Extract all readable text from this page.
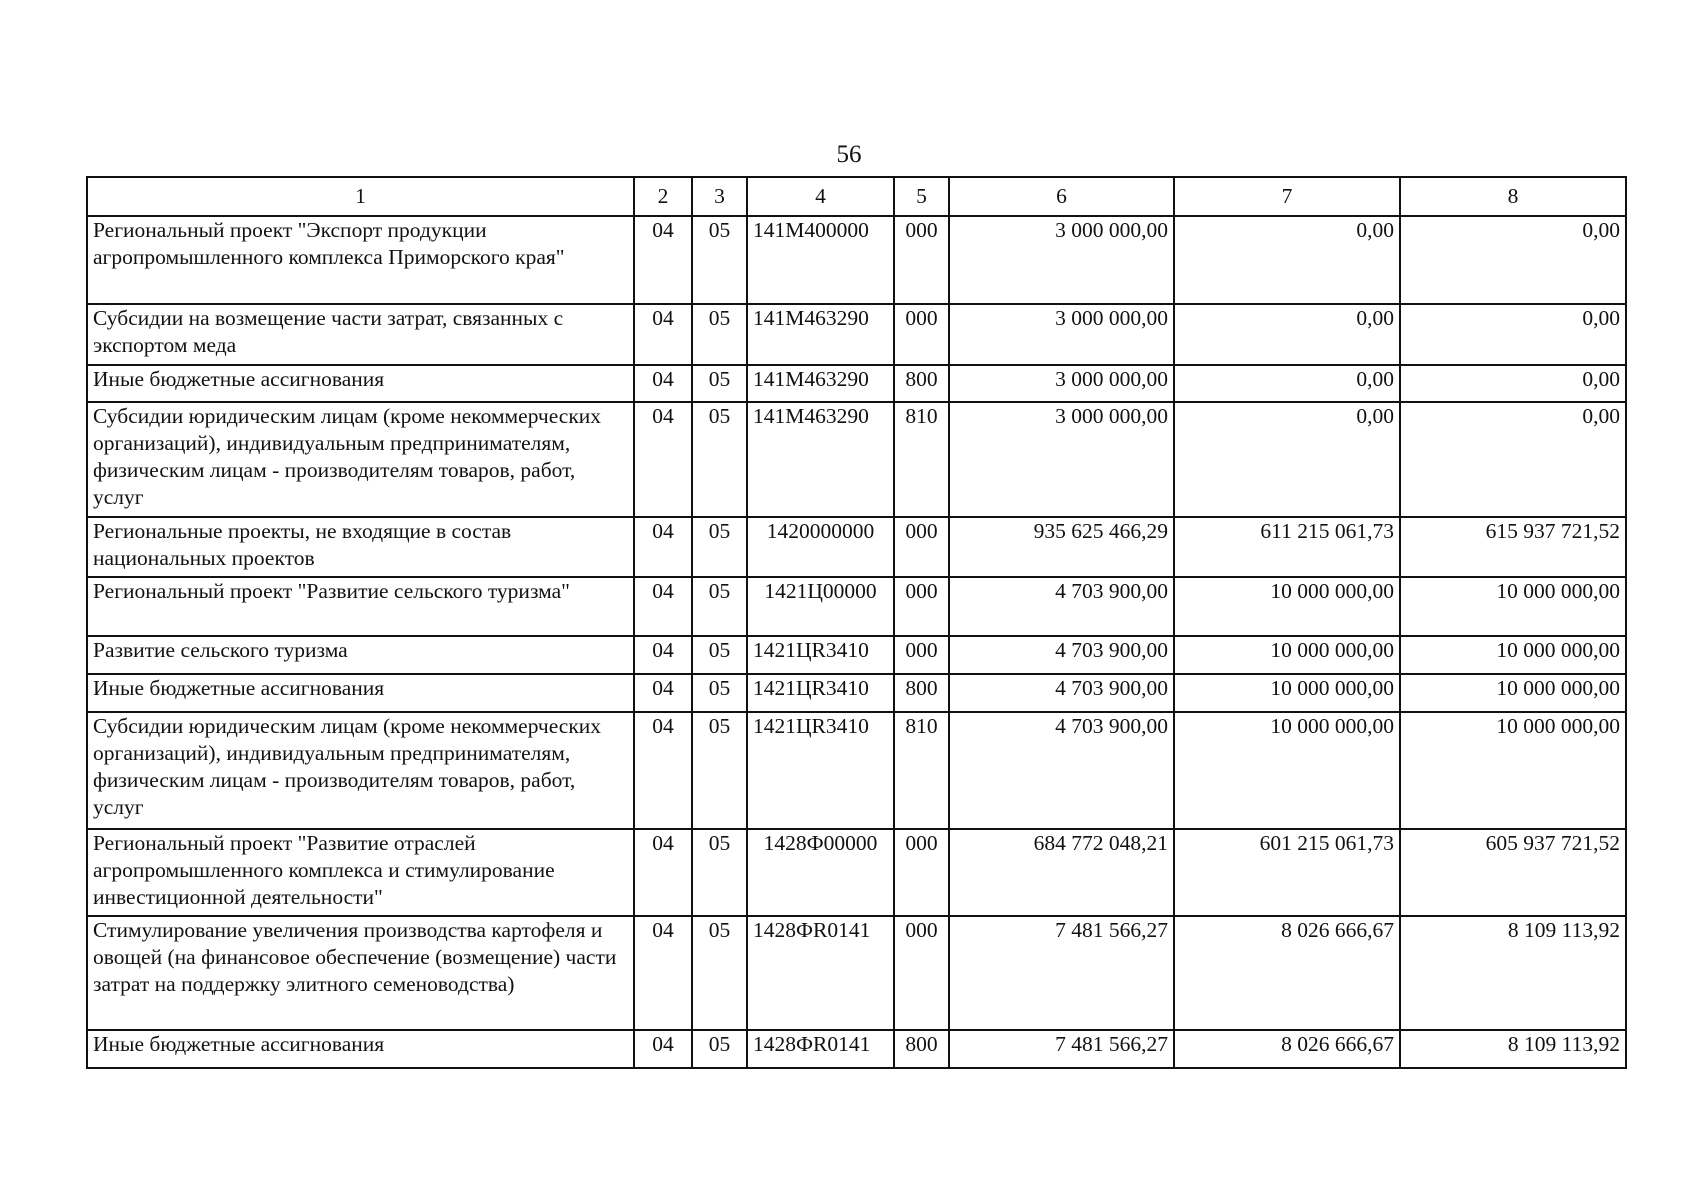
56
1	2	3	4	5	6	7	8
Региональный проект "Экспорт продукции агропромышленного комплекса Приморского края"	04	05	141M400000	000	3 000 000,00	0,00	0,00
Субсидии на возмещение части затрат, связанных с экспортом меда	04	05	141M463290	000	3 000 000,00	0,00	0,00
Иные бюджетные ассигнования	04	05	141M463290	800	3 000 000,00	0,00	0,00
Субсидии юридическим лицам (кроме некоммерческих организаций), индивидуальным предпринимателям, физическим лицам - производителям товаров, работ, услуг	04	05	141M463290	810	3 000 000,00	0,00	0,00
Региональные проекты, не входящие в состав национальных проектов	04	05	1420000000	000	935 625 466,29	611 215 061,73	615 937 721,52
Региональный проект "Развитие сельского туризма"	04	05	1421Ц00000	000	4 703 900,00	10 000 000,00	10 000 000,00
Развитие сельского туризма	04	05	1421ЦR3410	000	4 703 900,00	10 000 000,00	10 000 000,00
Иные бюджетные ассигнования	04	05	1421ЦR3410	800	4 703 900,00	10 000 000,00	10 000 000,00
Субсидии юридическим лицам (кроме некоммерческих организаций), индивидуальным предпринимателям, физическим лицам - производителям товаров, работ, услуг	04	05	1421ЦR3410	810	4 703 900,00	10 000 000,00	10 000 000,00
Региональный проект "Развитие отраслей агропромышленного комплекса и стимулирование инвестиционной деятельности"	04	05	1428Ф00000	000	684 772 048,21	601 215 061,73	605 937 721,52
Стимулирование увеличения производства картофеля и овощей (на финансовое обеспечение (возмещение) части затрат на поддержку элитного семеноводства)	04	05	1428ФR0141	000	7 481 566,27	8 026 666,67	8 109 113,92
Иные бюджетные ассигнования	04	05	1428ФR0141	800	7 481 566,27	8 026 666,67	8 109 113,92
